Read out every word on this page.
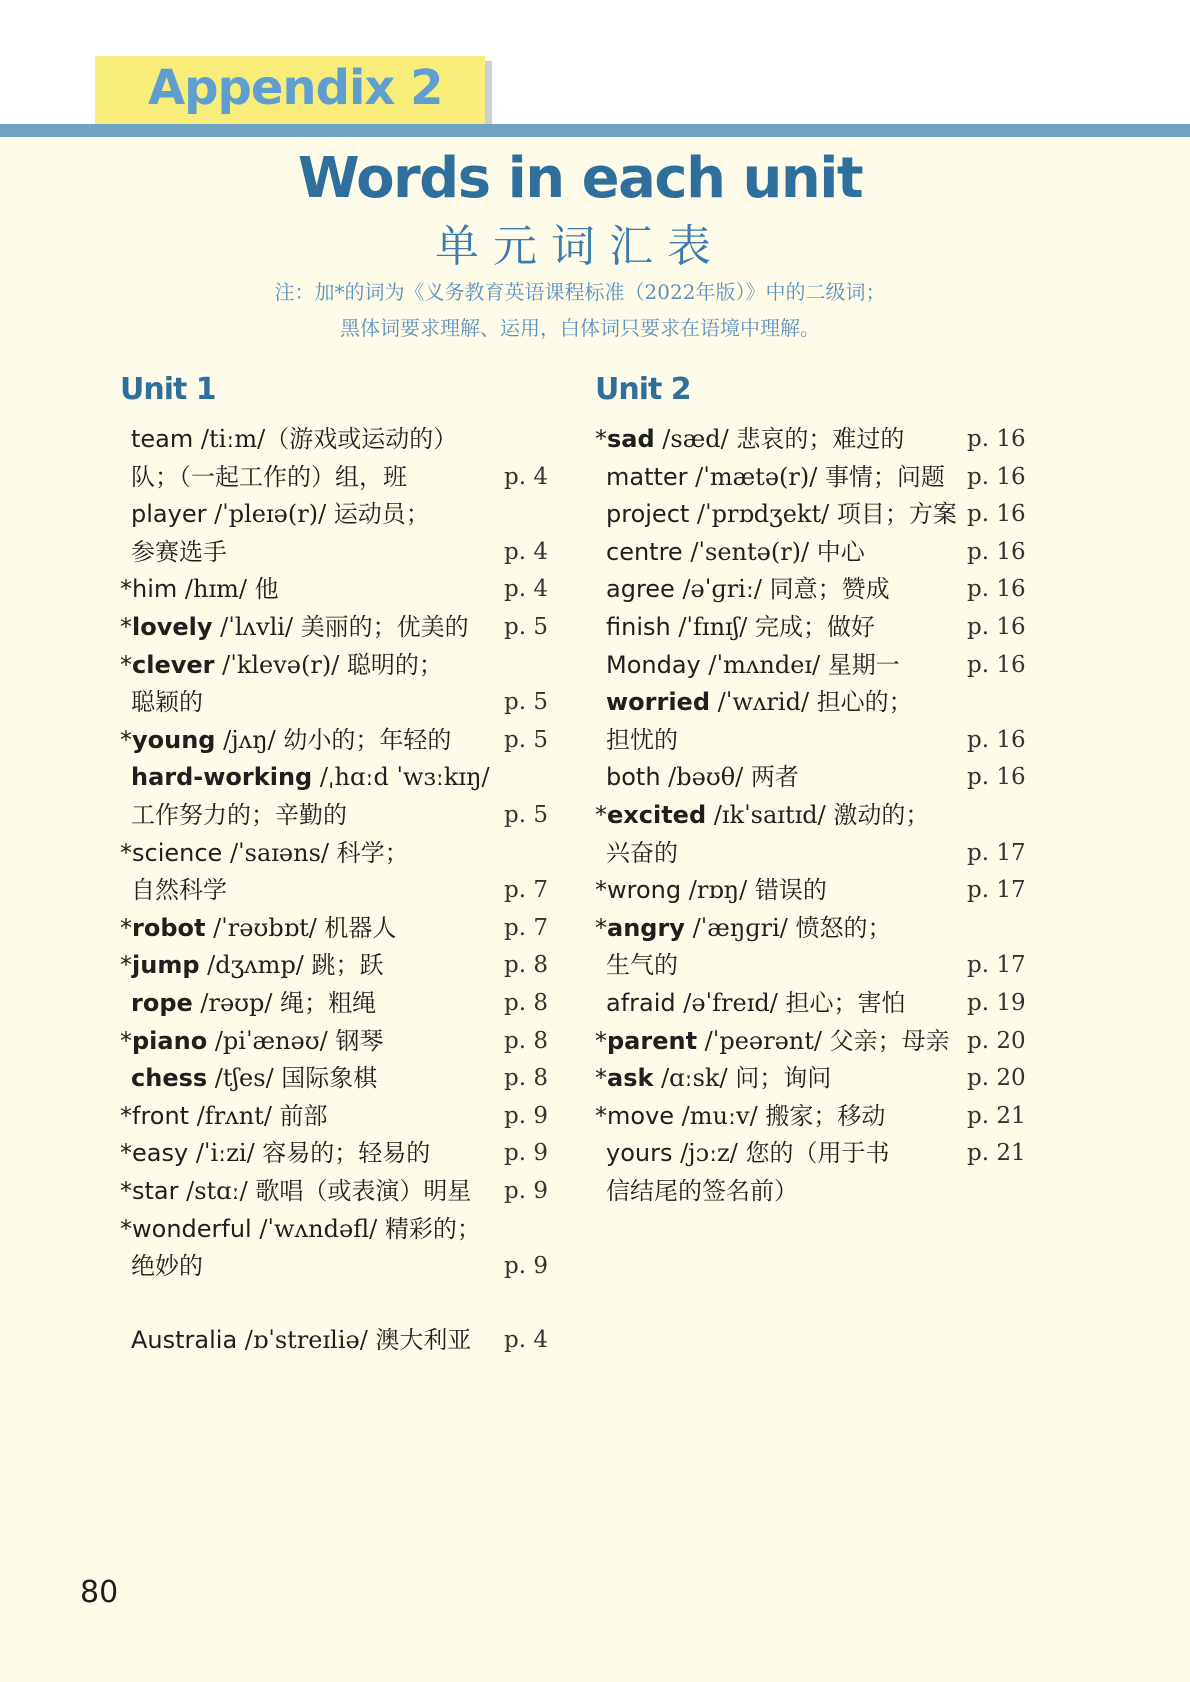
Appendix 2
Words in each unit
单元词汇表
注：加*的词为《义务教育英语课程标准（2022年版）》中的二级词；
黑体词要求理解、运用，白体词只要求在语境中理解。
Unit 1	Unit 2
team /tiːm/（游戏或运动的）
队；（一起工作的）组，班	p. 4
player /ˈpleɪə(r)/ 运动员；
参赛选手	p. 4
*him /hɪm/ 他	p. 4
*lovely /ˈlʌvli/ 美丽的；优美的 p. 5
*clever /ˈklevə(r)/ 聪明的；
聪颖的	p. 5
*young /jʌŋ/ 幼小的；年轻的 p. 5
hard-working /ˌhɑːd ˈwɜːkɪŋ/
工作努力的；辛勤的	p. 5
*science /ˈsaɪəns/ 科学；
自然科学	p. 7
*robot /ˈrəʊbɒt/ 机器人	p. 7
*jump /dʒʌmp/ 跳；跃	p. 8
rope /rəʊp/ 绳；粗绳	p. 8
*piano /piˈænəʊ/ 钢琴	p. 8
chess /tʃes/ 国际象棋	p. 8
*front /frʌnt/ 前部	p. 9
*easy /ˈiːzi/ 容易的；轻易的	p. 9
*star /stɑː/ 歌唱（或表演）明星 p. 9
*wonderful /ˈwʌndəfl/ 精彩的；
绝妙的	p. 9
Australia /ɒˈstreɪliə/ 澳大利亚 p. 4
*sad /sæd/ 悲哀的；难过的	p. 16
matter /ˈmætə(r)/ 事情；问题 p. 16
project /ˈprɒdʒekt/ 项目；方案 p. 16
centre /ˈsentə(r)/ 中心	p. 16
agree /əˈɡriː/ 同意；赞成	p. 16
finish /ˈfɪnɪʃ/ 完成；做好	p. 16
Monday /ˈmʌndeɪ/ 星期一	p. 16
worried /ˈwʌrid/ 担心的；
担忧的	p. 16
both /bəʊθ/ 两者	p. 16
*excited /ɪkˈsaɪtɪd/ 激动的；
兴奋的	p. 17
*wrong /rɒŋ/ 错误的	p. 17
*angry /ˈæŋɡri/ 愤怒的；
生气的	p. 17
afraid /əˈfreɪd/ 担心；害怕	p. 19
*parent /ˈpeərənt/ 父亲；母亲 p. 20
*ask /ɑːsk/ 问；询问	p. 20
*move /muːv/ 搬家；移动	p. 21
yours /jɔːz/ 您的（用于书	p. 21
信结尾的签名前）
80
